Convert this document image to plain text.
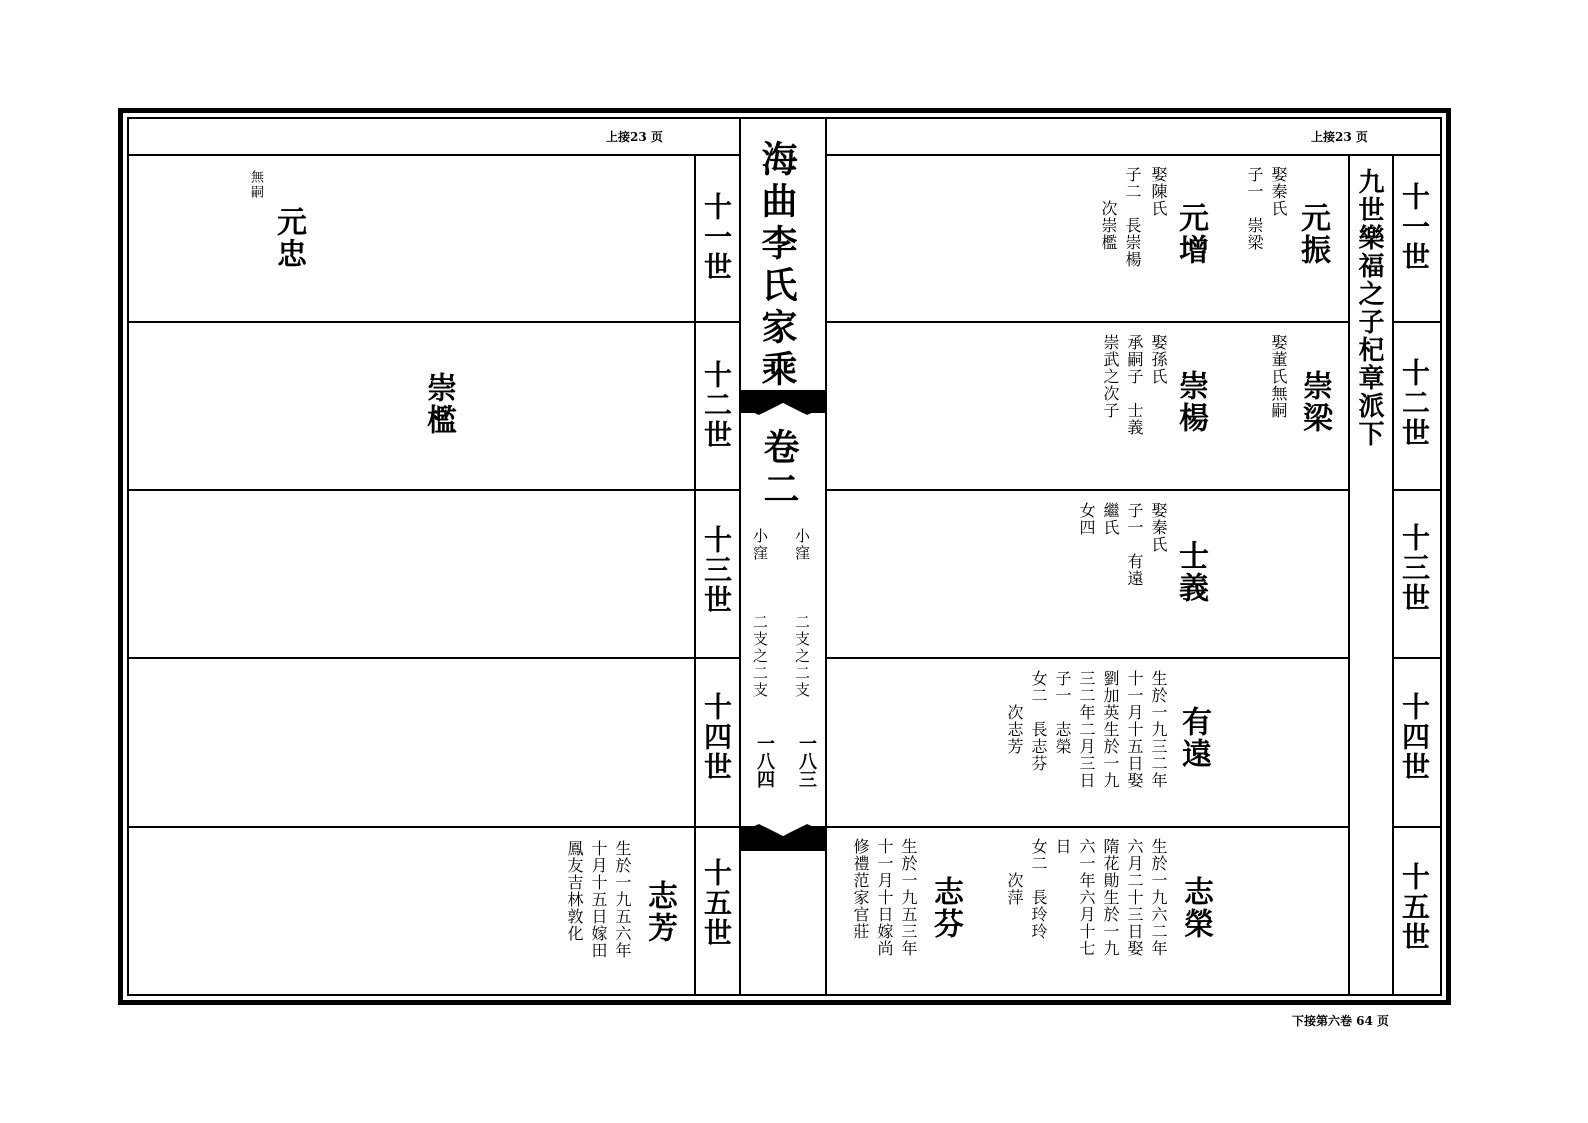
上接23 页	上接23 页
下接第六卷 64 页
海曲李氏家乘
卷二
小窪
二支之二支
一八三
小窪
二支之二支
一八四
十一世
十二世
十三世
十四世
十五世
十一世
十二世
十三世
十四世
十五世
九世樂福之子杞章派下
無嗣
元忠
崇檻
志芳
生於一九五六年
十月十五日嫁田
鳳友吉林敦化
元振
娶秦氏
子一　崇梁
元增
娶陳氏
子二　長崇楊
　　次崇檻
崇梁
娶董氏無嗣
崇楊
娶孫氏
承嗣子　士義
崇武之次子
士義
娶秦氏
子一　有遠
繼氏
女四
有遠
生於一九三二年
十一月十五日娶
劉加英生於一九
三二年二月三日
子一　志榮
女二　長志芬
　　次志芳
志榮
生於一九六二年
六月二十三日娶
隋花勛生於一九
六一年六月十七
日
女二　長玲玲
　　次萍
志芬
生於一九五三年
十一月十日嫁尚
修禮范家官莊
